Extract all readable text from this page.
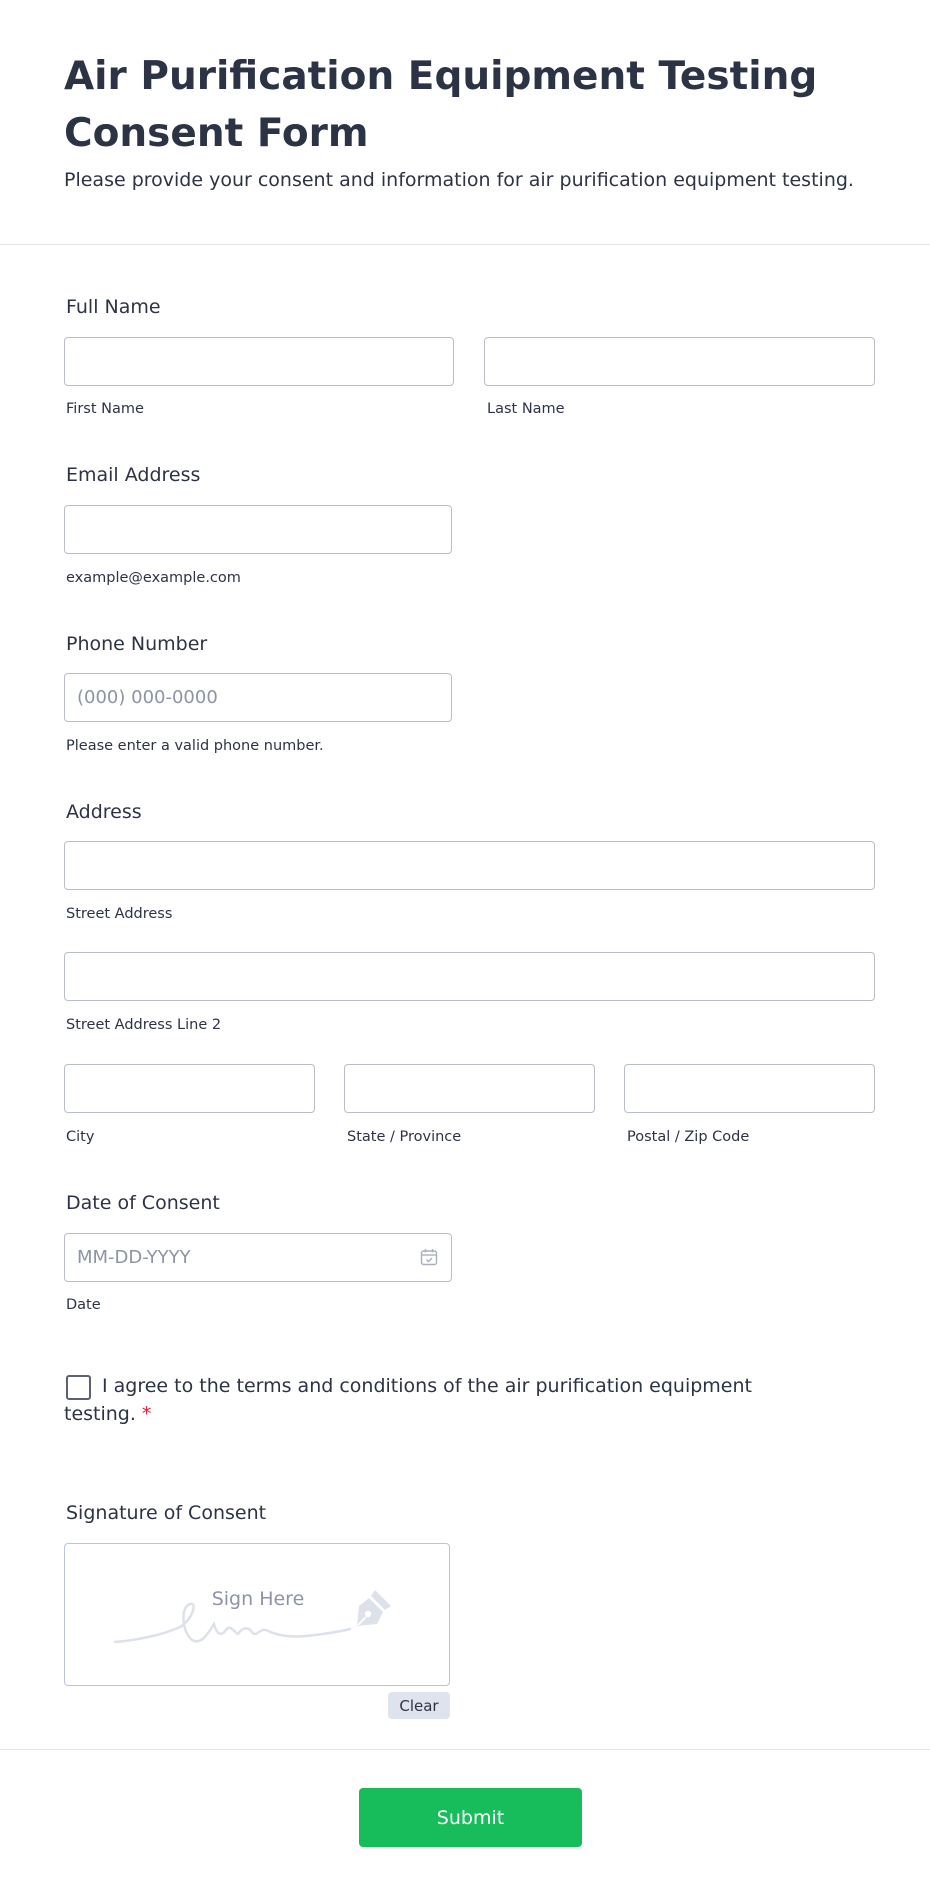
Air Purification Equipment Testing Consent Form

Please provide your consent and information for air purification equipment testing.

Full Name
First Name	Last Name
Email Address
example@example.com
Phone Number
(000) 000-0000
Please enter a valid phone number.
Address
Street Address
Street Address Line 2
City	State / Province	Postal / Zip Code
Date of Consent
MM-DD-YYYY
Date
I agree to the terms and conditions of the air purification equipment testing. *
Signature of Consent
Sign Here
Clear
Submit
